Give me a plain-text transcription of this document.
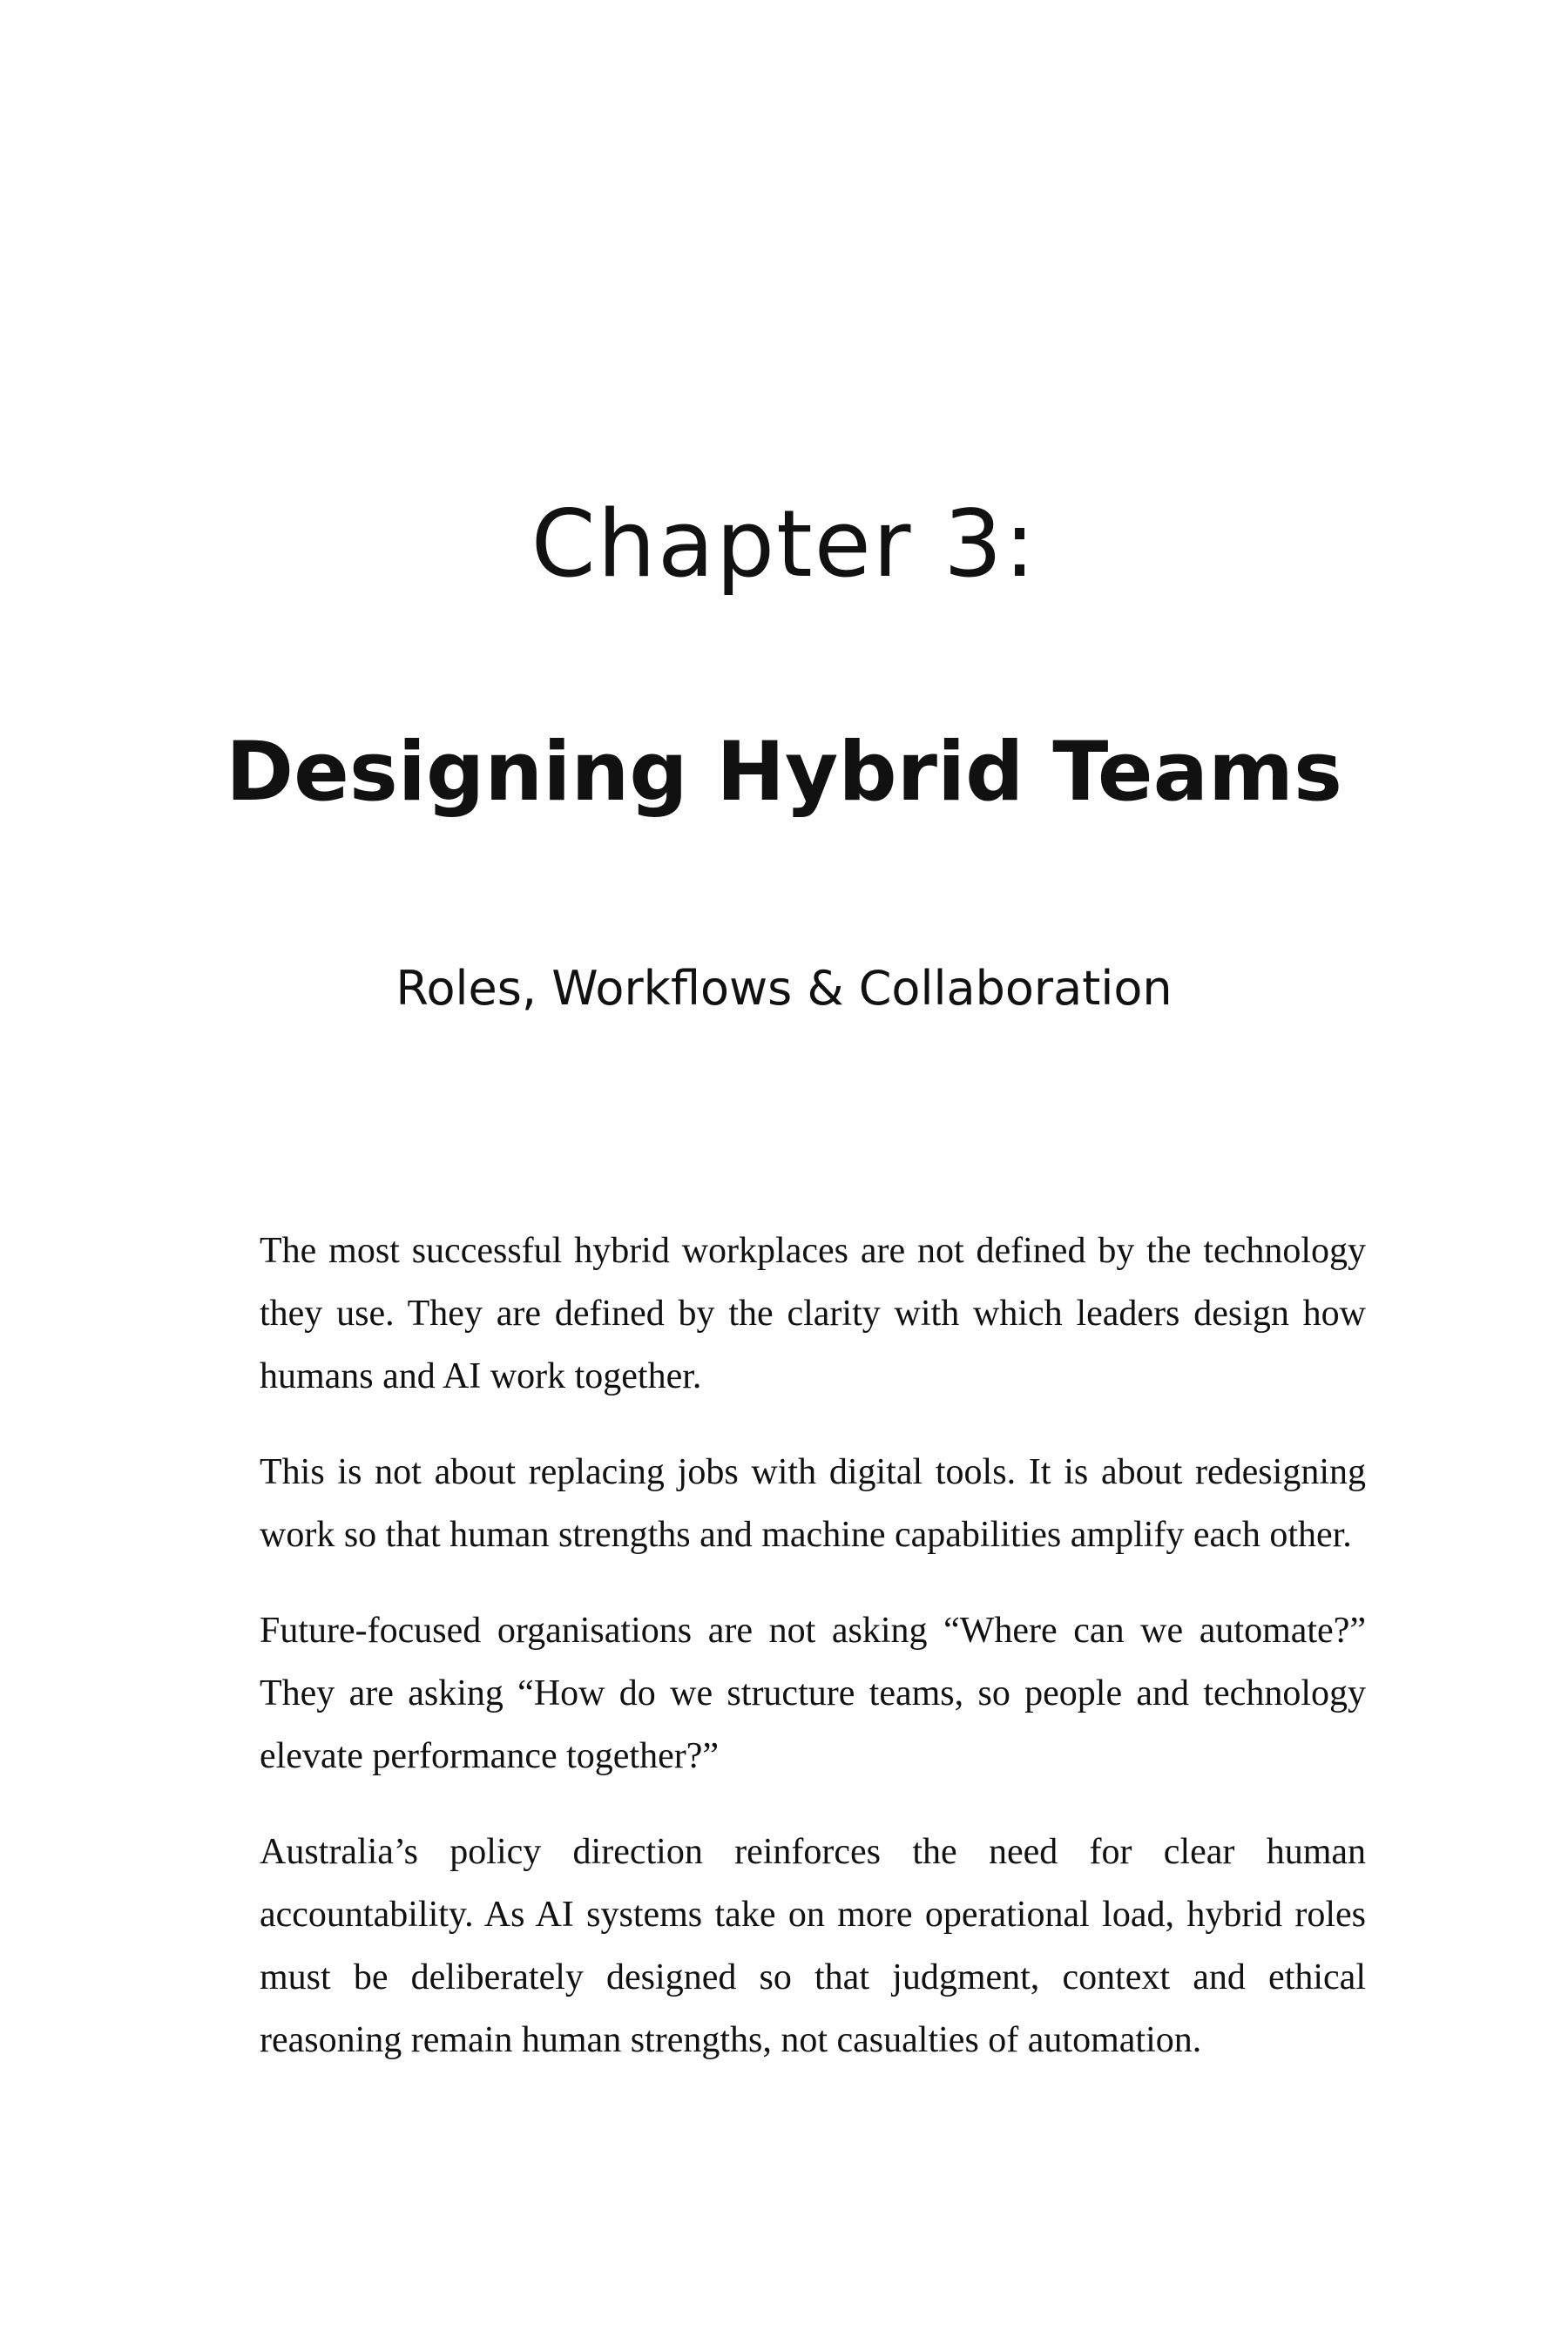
Chapter 3:
Designing Hybrid Teams
Roles, Workflows & Collaboration

The most successful hybrid workplaces are not defined by the technology they use. They are defined by the clarity with which leaders design how humans and AI work together.

This is not about replacing jobs with digital tools. It is about redesigning work so that human strengths and machine capabilities amplify each other.

Future-focused organisations are not asking “Where can we automate?” They are asking “How do we structure teams, so people and technology elevate performance together?”

Australia’s policy direction reinforces the need for clear human accountability. As AI systems take on more operational load, hybrid roles must be deliberately designed so that judgment, context and ethical reasoning remain human strengths, not casualties of automation.
